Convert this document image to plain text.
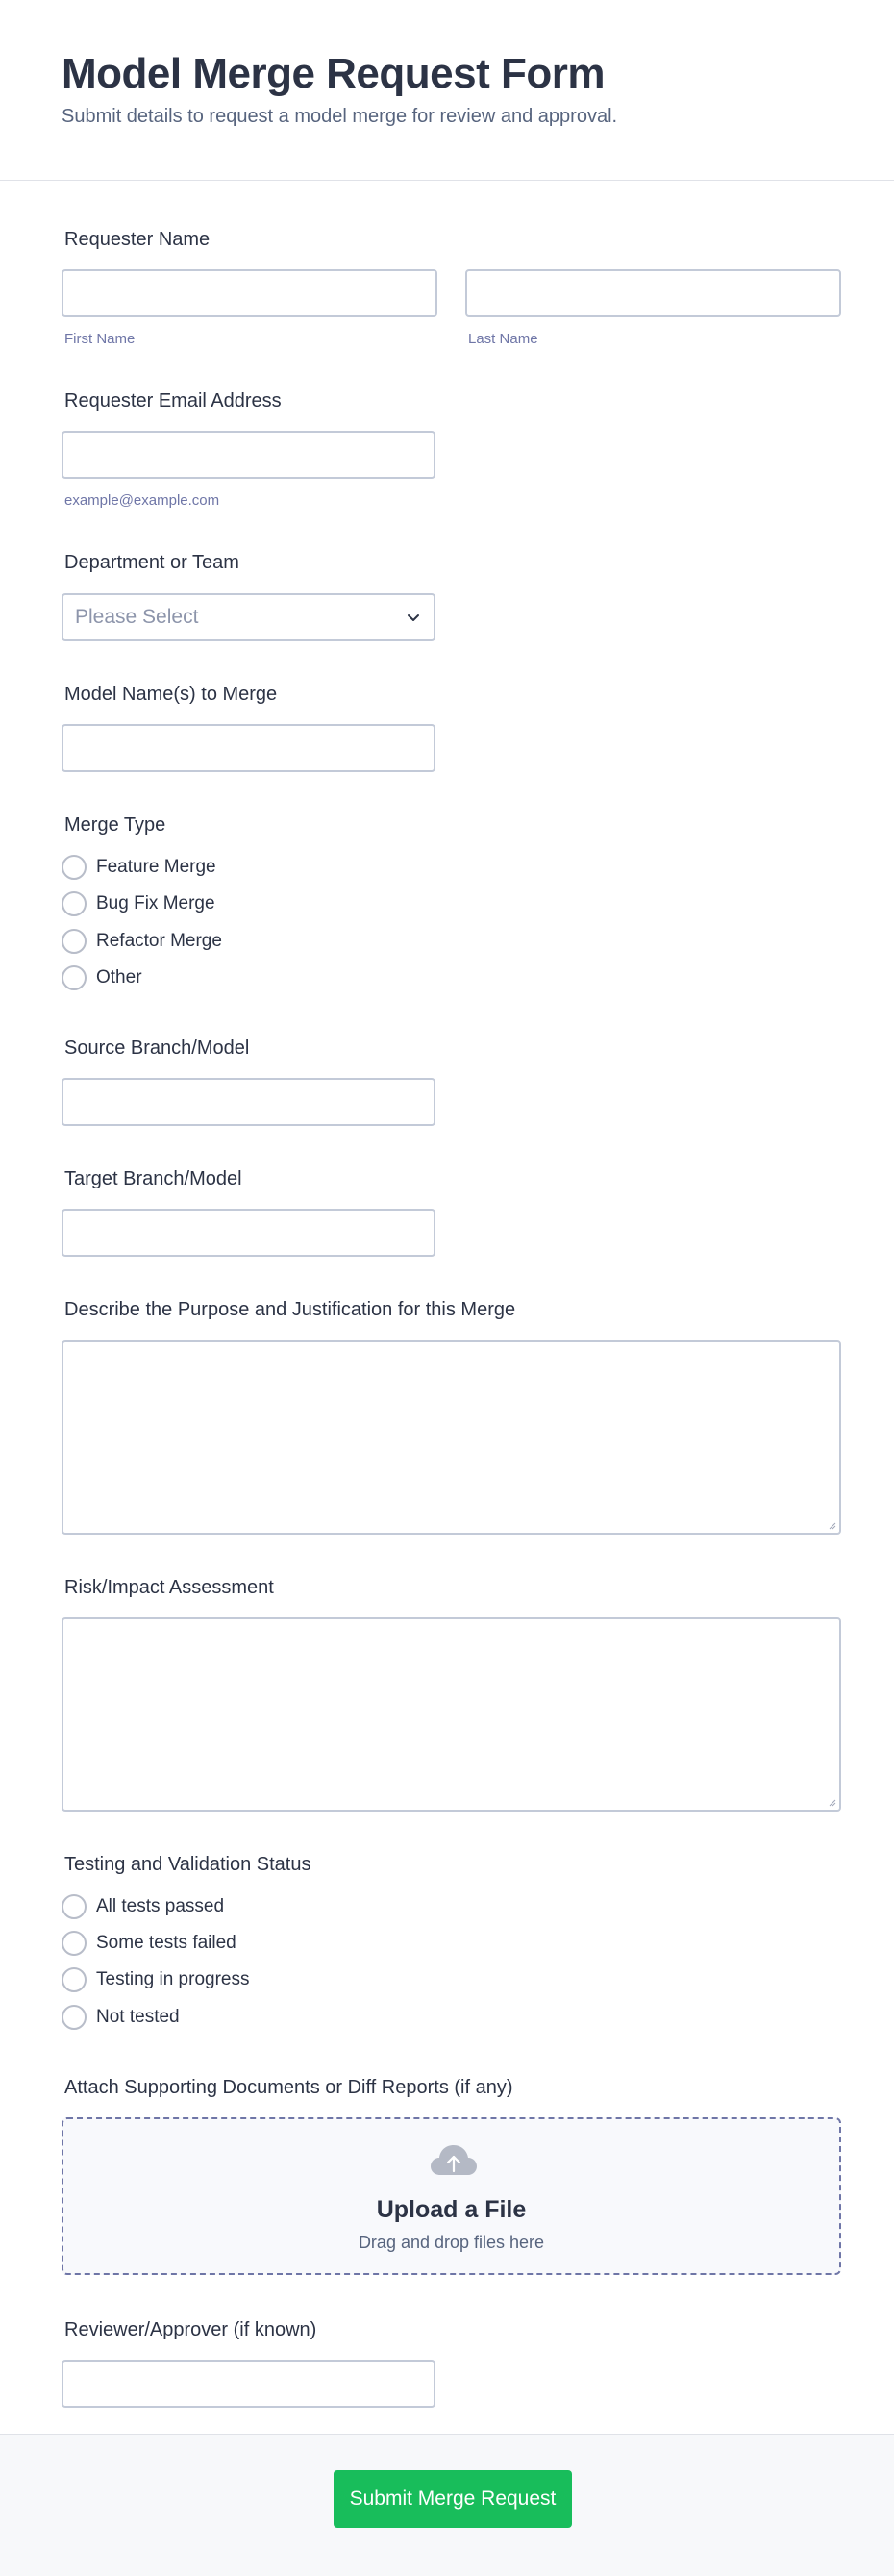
Model Merge Request Form

Submit details to request a model merge for review and approval.

Requester Name
First Name	Last Name
Requester Email Address
example@example.com
Department or Team
Please Select
Model Name(s) to Merge
Merge Type
Feature Merge
Bug Fix Merge
Refactor Merge
Other
Source Branch/Model
Target Branch/Model
Describe the Purpose and Justification for this Merge
Risk/Impact Assessment
Testing and Validation Status
All tests passed
Some tests failed
Testing in progress
Not tested
Attach Supporting Documents or Diff Reports (if any)
Upload a File
Drag and drop files here
Reviewer/Approver (if known)
Submit Merge Request
